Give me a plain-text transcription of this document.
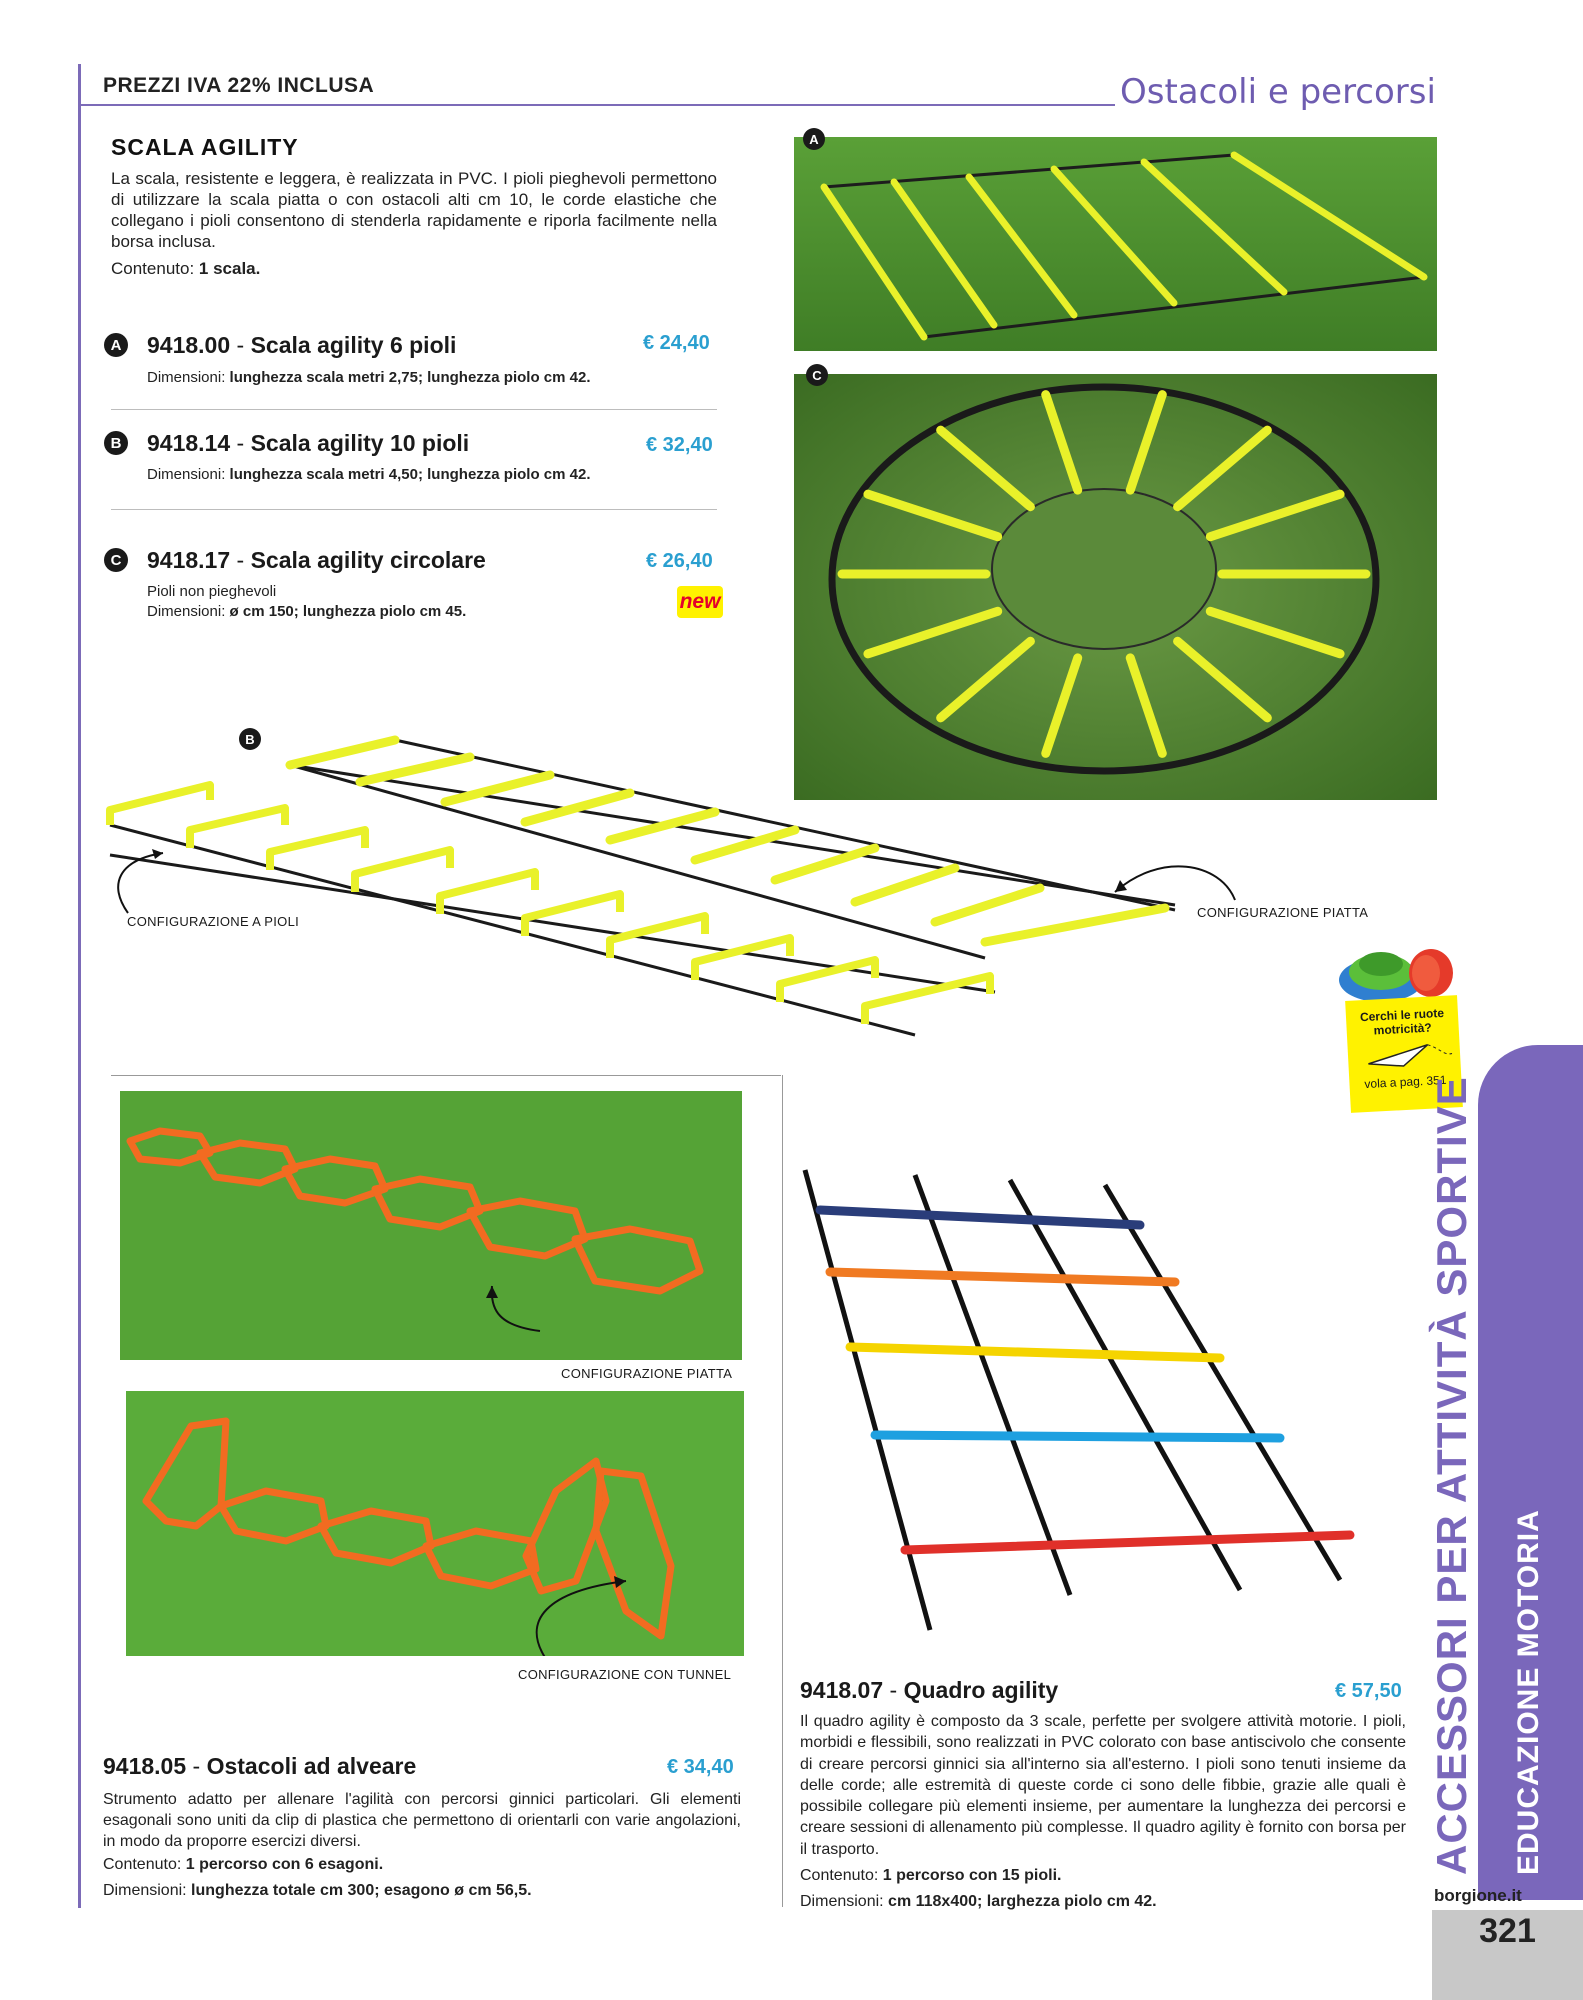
PREZZI IVA 22% INCLUSA	Ostacoli e percorsi
SCALA AGILITY
La scala, resistente e leggera, è realizzata in PVC. I pioli pieghevoli permettono di utilizzare la scala piatta o con ostacoli alti cm 10, le corde elastiche che collegano i pioli consentono di stenderla rapidamente e riporla facilmente nella borsa inclusa.
Contenuto: 1 scala.
A 9418.00 - Scala agility 6 pioli	€ 24,40
Dimensioni: lunghezza scala metri 2,75; lunghezza piolo cm 42.
B 9418.14 - Scala agility 10 pioli	€ 32,40
Dimensioni: lunghezza scala metri 4,50; lunghezza piolo cm 42.
C 9418.17 - Scala agility circolare	€ 26,40
Pioli non pieghevoli
Dimensioni: ø cm 150; lunghezza piolo cm 45.	new
A
C
B
CONFIGURAZIONE A PIOLI
CONFIGURAZIONE PIATTA
Cerchi le ruote motricità?
vola a pag. 351
CONFIGURAZIONE PIATTA
CONFIGURAZIONE CON TUNNEL
9418.05 - Ostacoli ad alveare	€ 34,40
Strumento adatto per allenare l'agilità con percorsi ginnici particolari. Gli elementi esagonali sono uniti da clip di plastica che permettono di orientarli con varie angolazioni, in modo da proporre esercizi diversi.
Contenuto: 1 percorso con 6 esagoni.
Dimensioni: lunghezza totale cm 300; esagono ø cm 56,5.
9418.07 - Quadro agility	€ 57,50
Il quadro agility è composto da 3 scale, perfette per svolgere attività motorie. I pioli, morbidi e flessibili, sono realizzati in PVC colorato con base antiscivolo che consente di creare percorsi ginnici sia all'interno sia all'esterno. I pioli sono tenuti insieme da delle corde; alle estremità di queste corde ci sono delle fibbie, grazie alle quali è possibile collegare più elementi insieme, per aumentare la lunghezza dei percorsi e creare sessioni di allenamento più complesse. Il quadro agility è fornito con borsa per il trasporto.
Contenuto: 1 percorso con 15 pioli.
Dimensioni: cm 118x400; larghezza piolo cm 42.
ACCESSORI PER ATTIVITÀ SPORTIVE EDUCAZIONE MOTORIA
borgione.it
321
